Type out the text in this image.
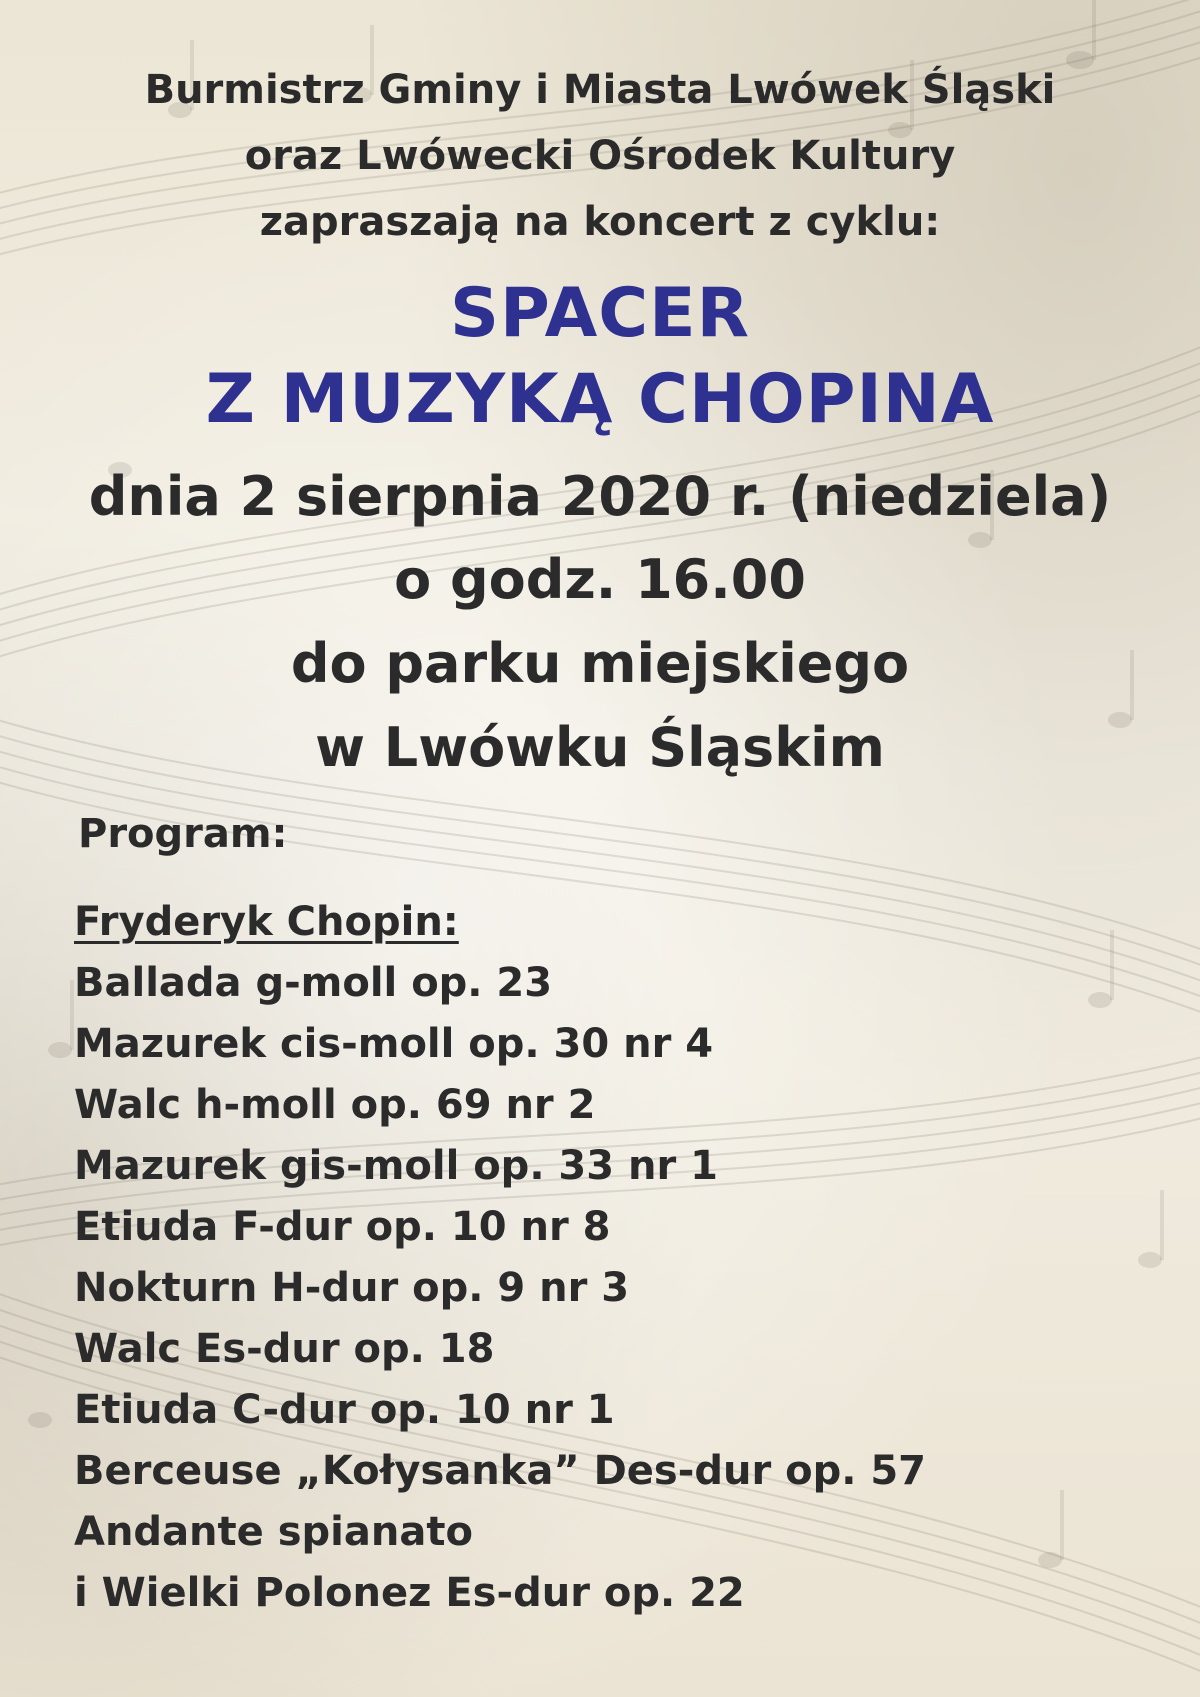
Burmistrz Gminy i Miasta Lwówek Śląski

oraz Lwówecki Ośrodek Kultury

zapraszają na koncert z cyklu:

SPACER
Z MUZYKĄ CHOPINA

dnia 2 sierpnia 2020 r. (niedziela)

o godz. 16.00

do parku miejskiego

w Lwówku Śląskim

Program:

Fryderyk Chopin:

Ballada g-moll op. 23

Mazurek cis-moll op. 30 nr 4

Walc h-moll op. 69 nr 2

Mazurek gis-moll op. 33 nr 1

Etiuda F-dur op. 10 nr 8

Nokturn H-dur op. 9 nr 3

Walc Es-dur op. 18

Etiuda C-dur op. 10 nr 1

Berceuse „Kołysanka” Des-dur op. 57

Andante spianato

i Wielki Polonez Es-dur op. 22
